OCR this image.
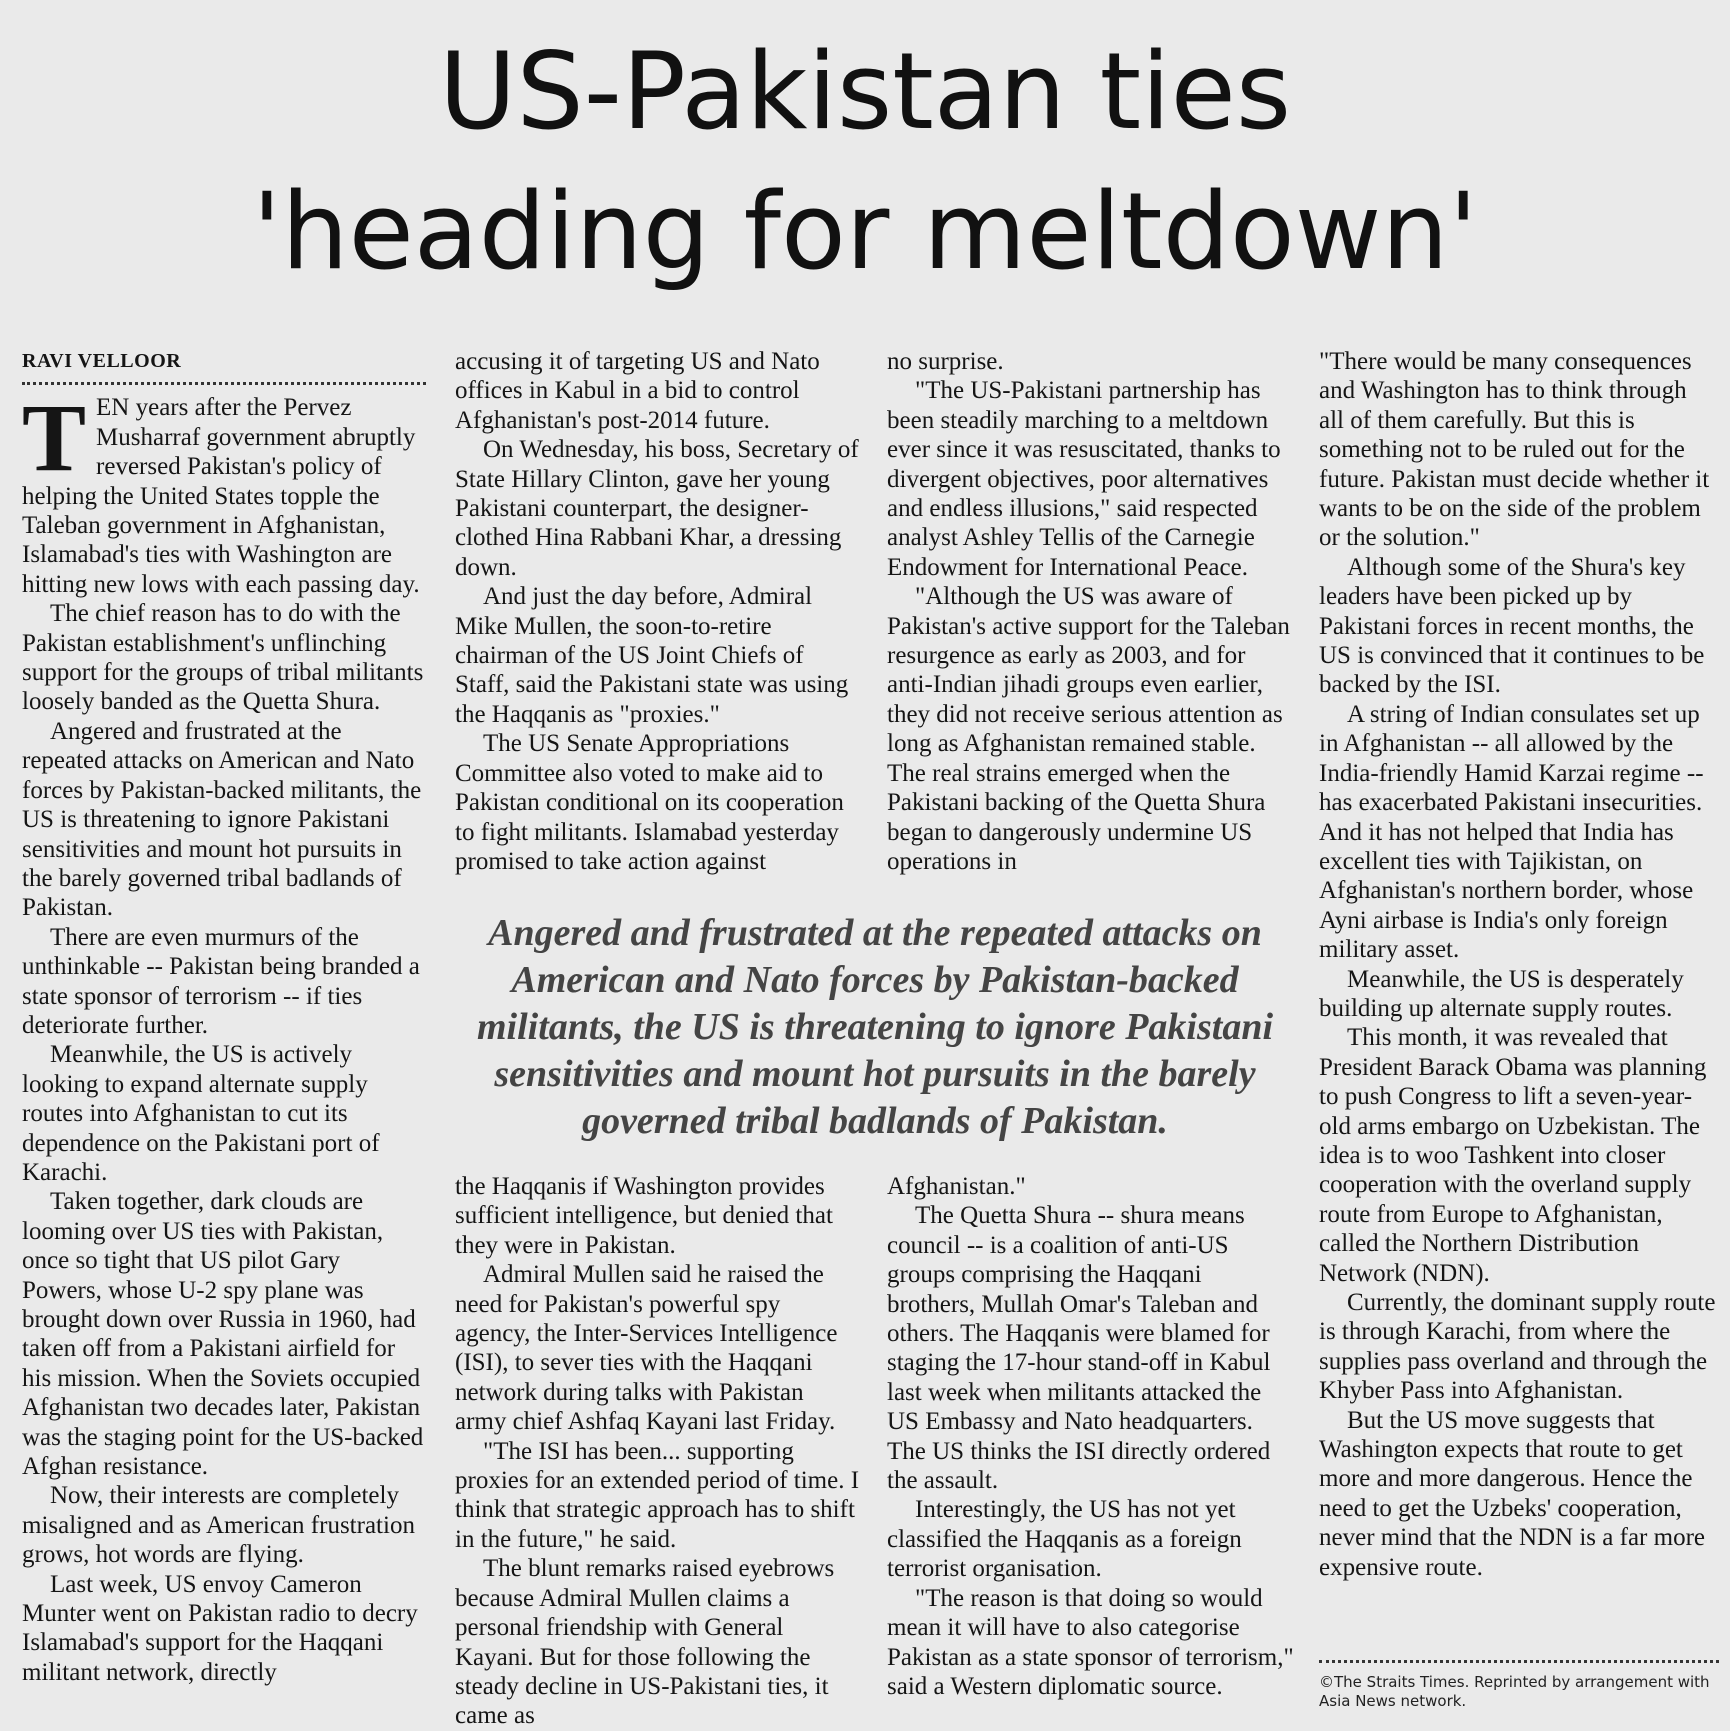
US-Pakistan ties
'heading for meltdown'
RAVI VELLOOR

TEN years after the Pervez Musharraf government abruptly reversed Pakistan's policy of helping the United States topple the Taleban government in Afghanistan, Islamabad's ties with Washington are hitting new lows with each passing day.

The chief reason has to do with the Pakistan establishment's unflinching support for the groups of tribal militants loosely banded as the Quetta Shura.

Angered and frustrated at the repeated attacks on American and Nato forces by Pakistan-backed militants, the US is threatening to ignore Pakistani sensitivities and mount hot pursuits in the barely governed tribal badlands of Pakistan.

There are even murmurs of the unthinkable -- Pakistan being branded a state sponsor of terrorism -- if ties deteriorate further.

Meanwhile, the US is actively looking to expand alternate supply routes into Afghanistan to cut its dependence on the Pakistani port of Karachi.

Taken together, dark clouds are looming over US ties with Pakistan, once so tight that US pilot Gary Powers, whose U-2 spy plane was brought down over Russia in 1960, had taken off from a Pakistani airfield for his mission. When the Soviets occupied Afghanistan two decades later, Pakistan was the staging point for the US-backed Afghan resistance.

Now, their interests are completely misaligned and as American frustration grows, hot words are flying.

Last week, US envoy Cameron Munter went on Pakistan radio to decry Islamabad's support for the Haqqani militant network, directly

accusing it of targeting US and Nato offices in Kabul in a bid to control Afghanistan's post-2014 future.

On Wednesday, his boss, Secretary of State Hillary Clinton, gave her young Pakistani counterpart, the designer-clothed Hina Rabbani Khar, a dressing down.

And just the day before, Admiral Mike Mullen, the soon-to-retire chairman of the US Joint Chiefs of Staff, said the Pakistani state was using the Haqqanis as "proxies."

The US Senate Appropriations Committee also voted to make aid to Pakistan conditional on its cooperation to fight militants. Islamabad yesterday promised to take action against

no surprise.

"The US-Pakistani partnership has been steadily marching to a meltdown ever since it was resuscitated, thanks to divergent objectives, poor alternatives and endless illusions," said respected analyst Ashley Tellis of the Carnegie Endowment for International Peace.

"Although the US was aware of Pakistan's active support for the Taleban resurgence as early as 2003, and for anti-Indian jihadi groups even earlier, they did not receive serious attention as long as Afghanistan remained stable. The real strains emerged when the Pakistani backing of the Quetta Shura began to dangerously undermine US operations in

Angered and frustrated at the repeated attacks on American and Nato forces by Pakistan-backed militants, the US is threatening to ignore Pakistani sensitivities and mount hot pursuits in the barely governed tribal badlands of Pakistan.

the Haqqanis if Washington provides sufficient intelligence, but denied that they were in Pakistan.

Admiral Mullen said he raised the need for Pakistan's powerful spy agency, the Inter-Services Intelligence (ISI), to sever ties with the Haqqani network during talks with Pakistan army chief Ashfaq Kayani last Friday.

"The ISI has been... supporting proxies for an extended period of time. I think that strategic approach has to shift in the future," he said.

The blunt remarks raised eyebrows because Admiral Mullen claims a personal friendship with General Kayani. But for those following the steady decline in US-Pakistani ties, it came as

Afghanistan."

The Quetta Shura -- shura means council -- is a coalition of anti-US groups comprising the Haqqani brothers, Mullah Omar's Taleban and others. The Haqqanis were blamed for staging the 17-hour stand-off in Kabul last week when militants attacked the US Embassy and Nato headquarters. The US thinks the ISI directly ordered the assault.

Interestingly, the US has not yet classified the Haqqanis as a foreign terrorist organisation.

"The reason is that doing so would mean it will have to also categorise Pakistan as a state sponsor of terrorism," said a Western diplomatic source.

"There would be many consequences and Washington has to think through all of them carefully. But this is something not to be ruled out for the future. Pakistan must decide whether it wants to be on the side of the problem or the solution."

Although some of the Shura's key leaders have been picked up by Pakistani forces in recent months, the US is convinced that it continues to be backed by the ISI.

A string of Indian consulates set up in Afghanistan -- all allowed by the India-friendly Hamid Karzai regime -- has exacerbated Pakistani insecurities. And it has not helped that India has excellent ties with Tajikistan, on Afghanistan's northern border, whose Ayni airbase is India's only foreign military asset.

Meanwhile, the US is desperately building up alternate supply routes.

This month, it was revealed that President Barack Obama was planning to push Congress to lift a seven-year-old arms embargo on Uzbekistan. The idea is to woo Tashkent into closer cooperation with the overland supply route from Europe to Afghanistan, called the Northern Distribution Network (NDN).

Currently, the dominant supply route is through Karachi, from where the supplies pass overland and through the Khyber Pass into Afghanistan.

But the US move suggests that Washington expects that route to get more and more dangerous. Hence the need to get the Uzbeks' cooperation, never mind that the NDN is a far more expensive route.

©The Straits Times. Reprinted by arrangement with Asia News network.
